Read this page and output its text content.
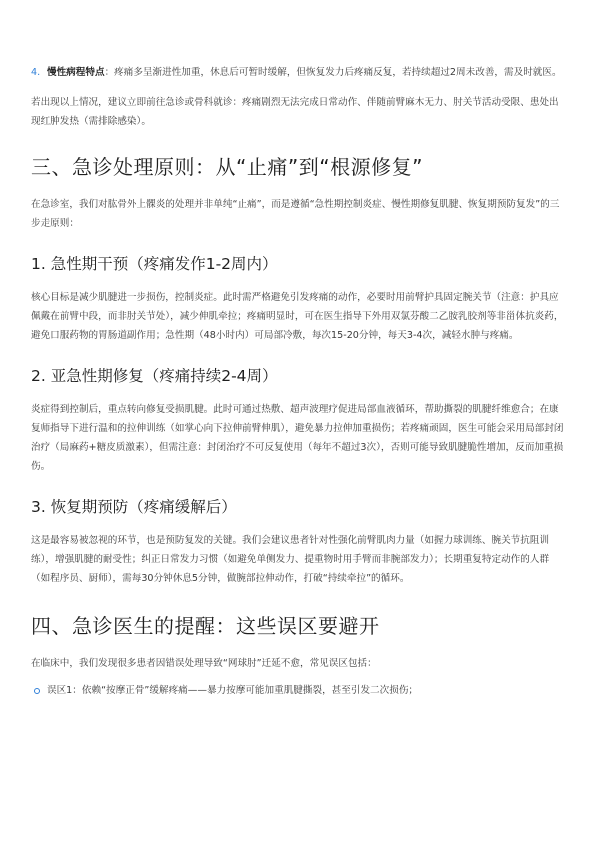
4. 慢性病程特点：疼痛多呈渐进性加重，休息后可暂时缓解，但恢复发力后疼痛反复，若持续超过2周未改善，需及时就医。

若出现以上情况，建议立即前往急诊或骨科就诊：疼痛剧烈无法完成日常动作、伴随前臂麻木无力、肘关节活动受限、患处出现红肿发热（需排除感染）。

三、急诊处理原则：从“止痛”到“根源修复”

在急诊室，我们对肱骨外上髁炎的处理并非单纯“止痛”，而是遵循“急性期控制炎症、慢性期修复肌腱、恢复期预防复发”的三步走原则：

1. 急性期干预（疼痛发作1-2周内）

核心目标是减少肌腱进一步损伤，控制炎症。此时需严格避免引发疼痛的动作，必要时用前臂护具固定腕关节（注意：护具应佩戴在前臂中段，而非肘关节处），减少伸肌牵拉；疼痛明显时，可在医生指导下外用双氯芬酸二乙胺乳胶剂等非甾体抗炎药，避免口服药物的胃肠道副作用；急性期（48小时内）可局部冷敷，每次15-20分钟，每天3-4次，减轻水肿与疼痛。

2. 亚急性期修复（疼痛持续2-4周）

炎症得到控制后，重点转向修复受损肌腱。此时可通过热敷、超声波理疗促进局部血液循环，帮助撕裂的肌腱纤维愈合；在康复师指导下进行温和的拉伸训练（如掌心向下拉伸前臂伸肌），避免暴力拉伸加重损伤；若疼痛顽固，医生可能会采用局部封闭治疗（局麻药+糖皮质激素），但需注意：封闭治疗不可反复使用（每年不超过3次），否则可能导致肌腱脆性增加，反而加重损伤。

3. 恢复期预防（疼痛缓解后）

这是最容易被忽视的环节，也是预防复发的关键。我们会建议患者针对性强化前臂肌肉力量（如握力球训练、腕关节抗阻训练），增强肌腱的耐受性；纠正日常发力习惯（如避免单侧发力、提重物时用手臂而非腕部发力）；长期重复特定动作的人群（如程序员、厨师），需每30分钟休息5分钟，做腕部拉伸动作，打破“持续牵拉”的循环。

四、急诊医生的提醒：这些误区要避开

在临床中，我们发现很多患者因错误处理导致“网球肘”迁延不愈，常见误区包括：

误区1：依赖“按摩正骨”缓解疼痛——暴力按摩可能加重肌腱撕裂，甚至引发二次损伤；
